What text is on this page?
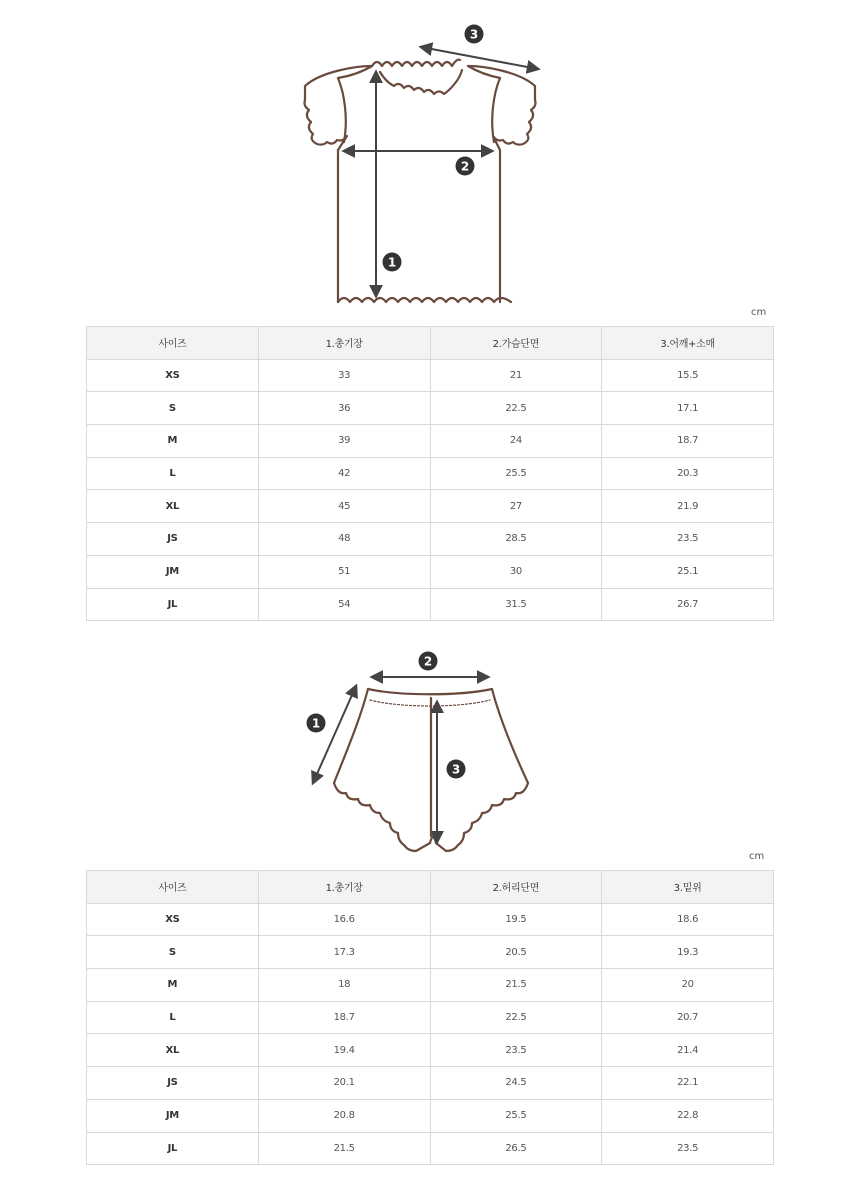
1
2
3
cm
사이즈	1.총기장	2.가슴단면	3.어깨+소매
XS	33	21	15.5
S	36	22.5	17.1
M	39	24	18.7
L	42	25.5	20.3
XL	45	27	21.9
JS	48	28.5	23.5
JM	51	30	25.1
JL	54	31.5	26.7
1
2
3
cm
사이즈	1.총기장	2.허리단면	3.밑위
XS	16.6	19.5	18.6
S	17.3	20.5	19.3
M	18	21.5	20
L	18.7	22.5	20.7
XL	19.4	23.5	21.4
JS	20.1	24.5	22.1
JM	20.8	25.5	22.8
JL	21.5	26.5	23.5
